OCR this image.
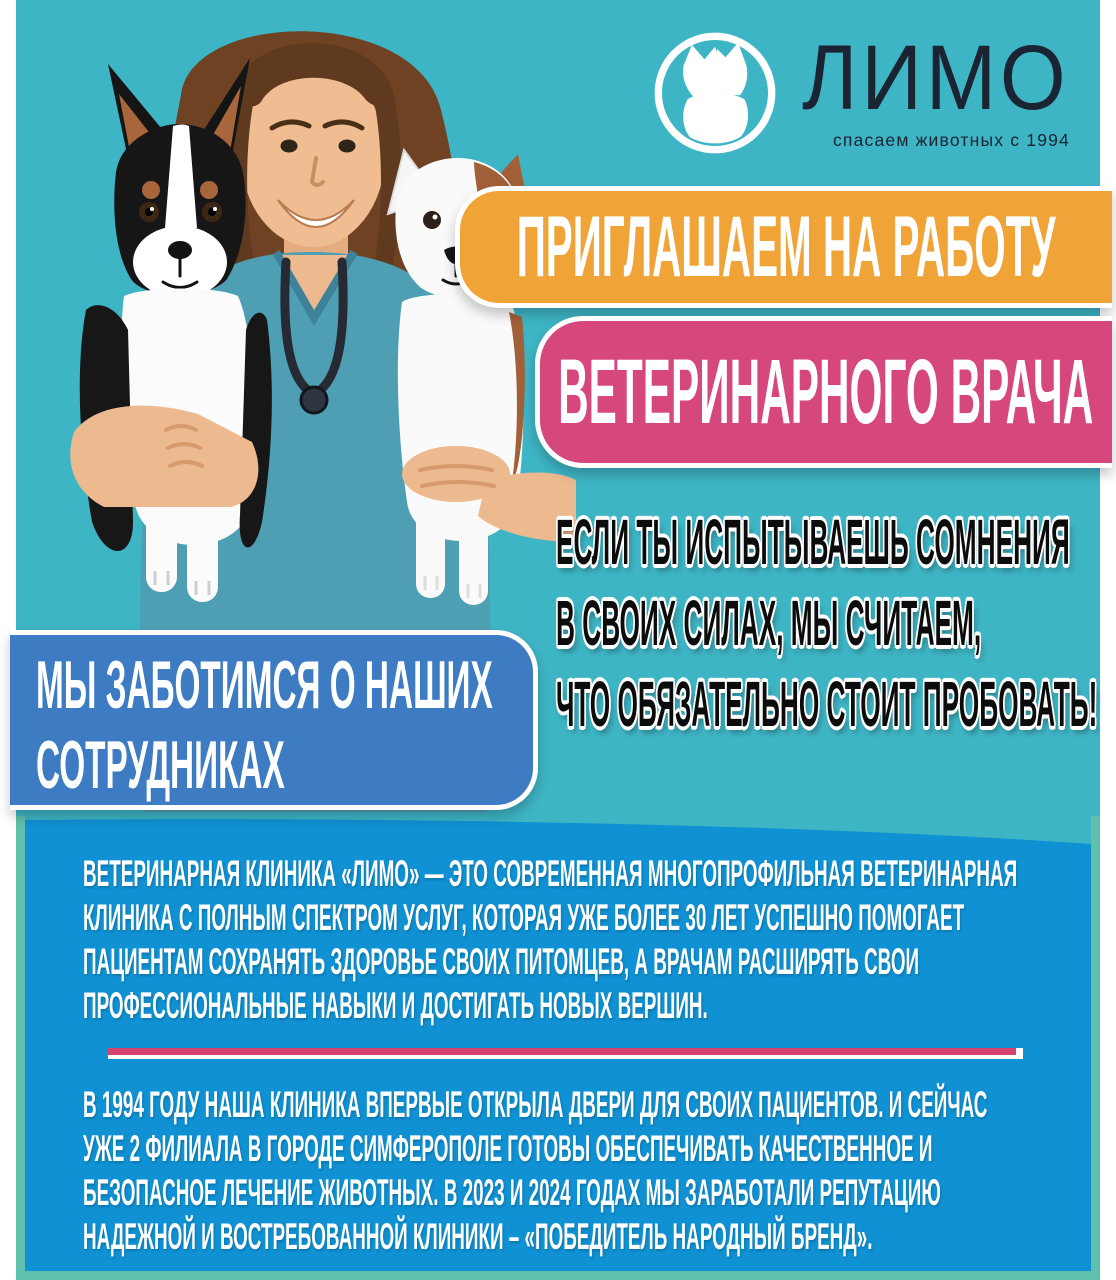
ЛИМО
спасаем животных с 1994
ПРИГЛАШАЕМ НА РАБОТУ
ВЕТЕРИНАРНОГО ВРАЧА
ЕСЛИ ТЫ ИСПЫТЫВАЕШЬ СОМНЕНИЯ
В СВОИХ СИЛАХ, МЫ СЧИТАЕМ,
ЧТО ОБЯЗАТЕЛЬНО СТОИТ ПРОБОВАТЬ!
МЫ ЗАБОТИМСЯ О НАШИХ
СОТРУДНИКАХ
ВЕТЕРИНАРНАЯ КЛИНИКА «ЛИМО» — ЭТО СОВРЕМЕННАЯ МНОГОПРОФИЛЬНАЯ ВЕТЕРИНАРНАЯ
КЛИНИКА С ПОЛНЫМ СПЕКТРОМ УСЛУГ, КОТОРАЯ УЖЕ БОЛЕЕ 30 ЛЕТ УСПЕШНО ПОМОГАЕТ
ПАЦИЕНТАМ СОХРАНЯТЬ ЗДОРОВЬЕ СВОИХ ПИТОМЦЕВ, А ВРАЧАМ РАСШИРЯТЬ СВОИ
ПРОФЕССИОНАЛЬНЫЕ НАВЫКИ И ДОСТИГАТЬ НОВЫХ ВЕРШИН.
В 1994 ГОДУ НАША КЛИНИКА ВПЕРВЫЕ ОТКРЫЛА ДВЕРИ ДЛЯ СВОИХ ПАЦИЕНТОВ. И СЕЙЧАС
УЖЕ 2 ФИЛИАЛА В ГОРОДЕ СИМФЕРОПОЛЕ ГОТОВЫ ОБЕСПЕЧИВАТЬ КАЧЕСТВЕННОЕ И
БЕЗОПАСНОЕ ЛЕЧЕНИЕ ЖИВОТНЫХ. В 2023 И 2024 ГОДАХ МЫ ЗАРАБОТАЛИ РЕПУТАЦИЮ
НАДЕЖНОЙ И ВОСТРЕБОВАННОЙ КЛИНИКИ – «ПОБЕДИТЕЛЬ НАРОДНЫЙ БРЕНД».
